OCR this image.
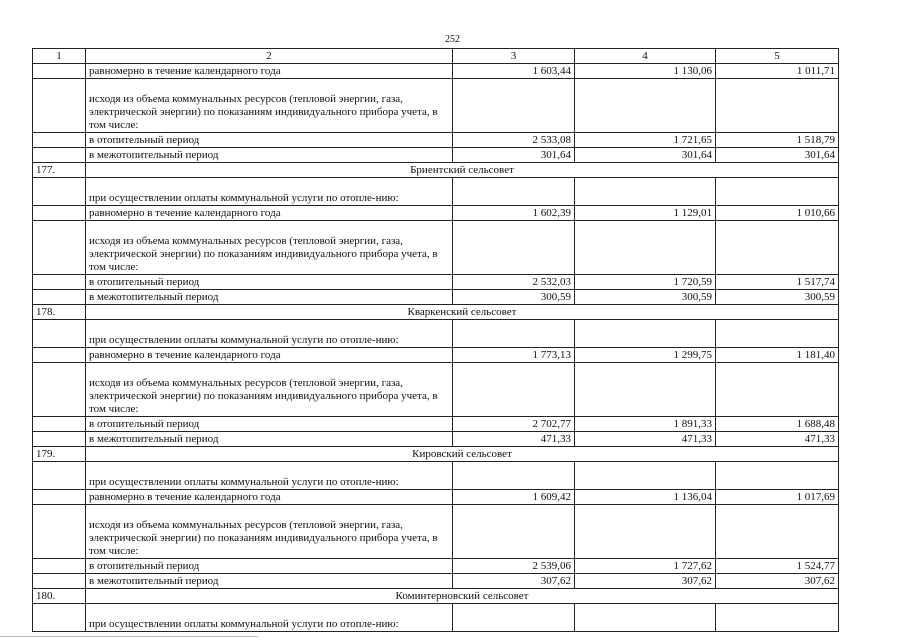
252
1	2	3	4	5
	равномерно в течение календарного года	1 603,44	1 130,06	1 011,71
	исходя из объема коммунальных ресурсов (тепловой энергии, газа, электрической энергии) по показаниям индивидуального прибора учета, в том числе:			
	в отопительный период	2 533,08	1 721,65	1 518,79
	в межотопительный период	301,64	301,64	301,64
177.	Бриентский сельсовет			
	при осуществлении оплаты коммунальной услуги по отопле-нию:			
	равномерно в течение календарного года	1 602,39	1 129,01	1 010,66
	исходя из объема коммунальных ресурсов (тепловой энергии, газа, электрической энергии) по показаниям индивидуального прибора учета, в том числе:			
	в отопительный период	2 532,03	1 720,59	1 517,74
	в межотопительный период	300,59	300,59	300,59
178.	Кваркенский сельсовет			
	при осуществлении оплаты коммунальной услуги по отопле-нию:			
	равномерно в течение календарного года	1 773,13	1 299,75	1 181,40
	исходя из объема коммунальных ресурсов (тепловой энергии, газа, электрической энергии) по показаниям индивидуального прибора учета, в том числе:			
	в отопительный период	2 702,77	1 891,33	1 688,48
	в межотопительный период	471,33	471,33	471,33
179.	Кировский сельсовет			
	при осуществлении оплаты коммунальной услуги по отопле-нию:			
	равномерно в течение календарного года	1 609,42	1 136,04	1 017,69
	исходя из объема коммунальных ресурсов (тепловой энергии, газа, электрической энергии) по показаниям индивидуального прибора учета, в том числе:			
	в отопительный период	2 539,06	1 727,62	1 524,77
	в межотопительный период	307,62	307,62	307,62
180.	Коминтерновский сельсовет			
	при осуществлении оплаты коммунальной услуги по отопле-нию:			
